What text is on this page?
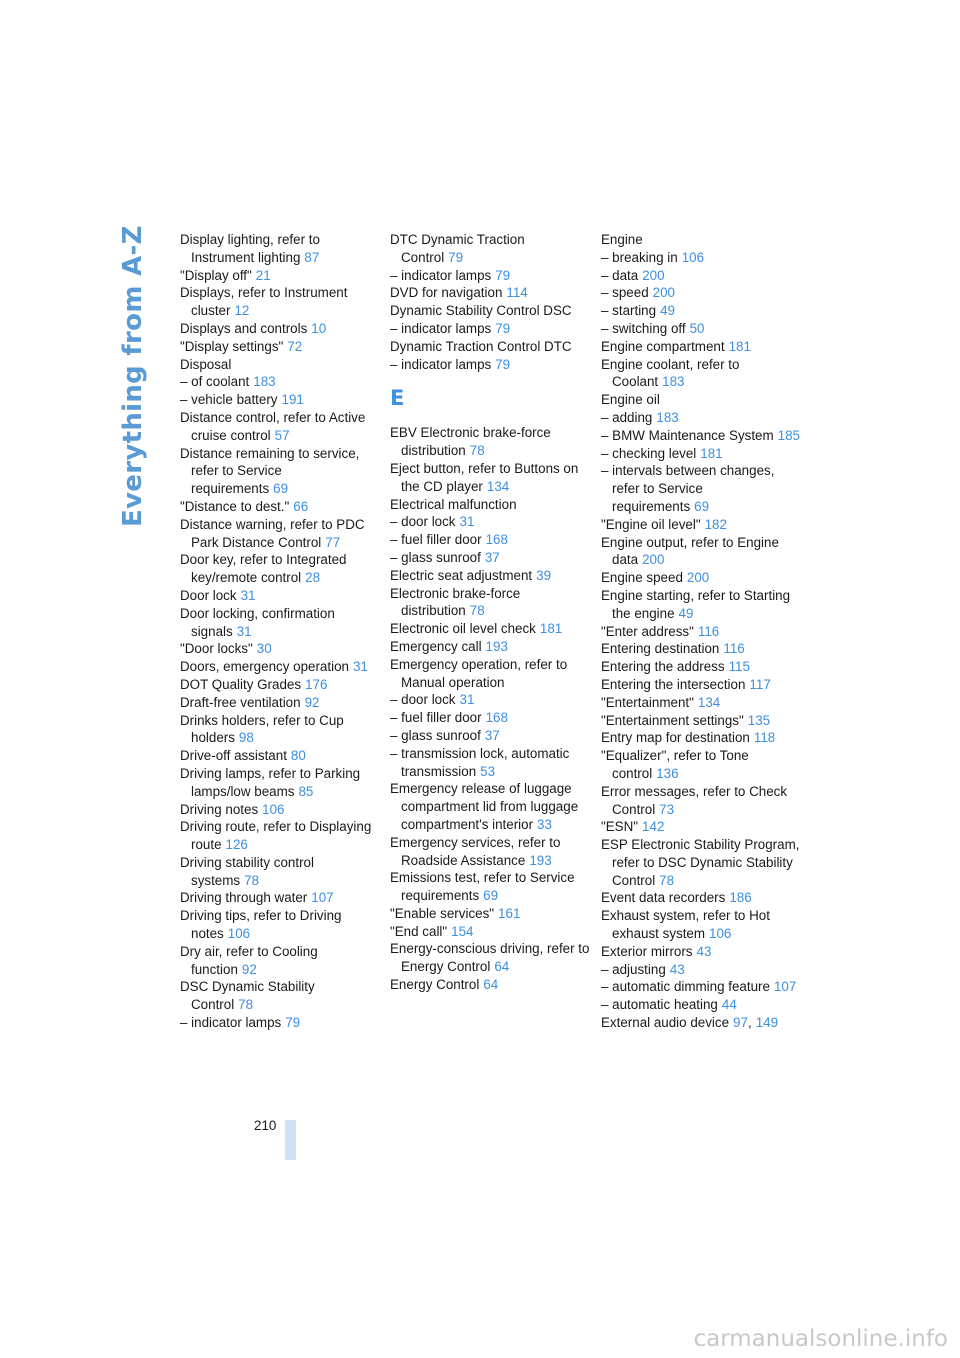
Everything from A-Z Display lighting, refer to Instrument lighting 87
"Display off" 21
Displays, refer to Instrument cluster 12
Displays and controls 10
"Display settings" 72
Disposal
– of coolant 183
– vehicle battery 191
Distance control, refer to Active cruise control 57
Distance remaining to service, refer to Service requirements 69
"Distance to dest." 66
Distance warning, refer to PDC Park Distance Control 77
Door key, refer to Integrated key/remote control 28
Door lock 31
Door locking, confirmation signals 31
"Door locks" 30
Doors, emergency operation 31
DOT Quality Grades 176
Draft-free ventilation 92
Drinks holders, refer to Cup holders 98
Drive-off assistant 80
Driving lamps, refer to Parking lamps/low beams 85
Driving notes 106
Driving route, refer to Displaying route 126
Driving stability control systems 78
Driving through water 107
Driving tips, refer to Driving notes 106
Dry air, refer to Cooling function 92
DSC Dynamic Stability Control 78
– indicator lamps 79
DTC Dynamic Traction Control 79
– indicator lamps 79
DVD for navigation 114
Dynamic Stability Control DSC
– indicator lamps 79
Dynamic Traction Control DTC
– indicator lamps 79
E
EBV Electronic brake-force distribution 78
Eject button, refer to Buttons on the CD player 134
Electrical malfunction
– door lock 31
– fuel filler door 168
– glass sunroof 37
Electric seat adjustment 39
Electronic brake-force distribution 78
Electronic oil level check 181
Emergency call 193
Emergency operation, refer to Manual operation
– door lock 31
– fuel filler door 168
– glass sunroof 37
– transmission lock, automatic transmission 53
Emergency release of luggage compartment lid from luggage compartment's interior 33
Emergency services, refer to Roadside Assistance 193
Emissions test, refer to Service requirements 69
"Enable services" 161
"End call" 154
Energy-conscious driving, refer to Energy Control 64
Energy Control 64
Engine
– breaking in 106
– data 200
– speed 200
– starting 49
– switching off 50
Engine compartment 181
Engine coolant, refer to Coolant 183
Engine oil
– adding 183
– BMW Maintenance System 185
– checking level 181
– intervals between changes, refer to Service requirements 69
"Engine oil level" 182
Engine output, refer to Engine data 200
Engine speed 200
Engine starting, refer to Starting the engine 49
"Enter address" 116
Entering destination 116
Entering the address 115
Entering the intersection 117
"Entertainment" 134
"Entertainment settings" 135
Entry map for destination 118
"Equalizer", refer to Tone control 136
Error messages, refer to Check Control 73
"ESN" 142
ESP Electronic Stability Program, refer to DSC Dynamic Stability Control 78
Event data recorders 186
Exhaust system, refer to Hot exhaust system 106
Exterior mirrors 43
– adjusting 43
– automatic dimming feature 107
– automatic heating 44
External audio device 97, 149
210
carmanualsonline.info
